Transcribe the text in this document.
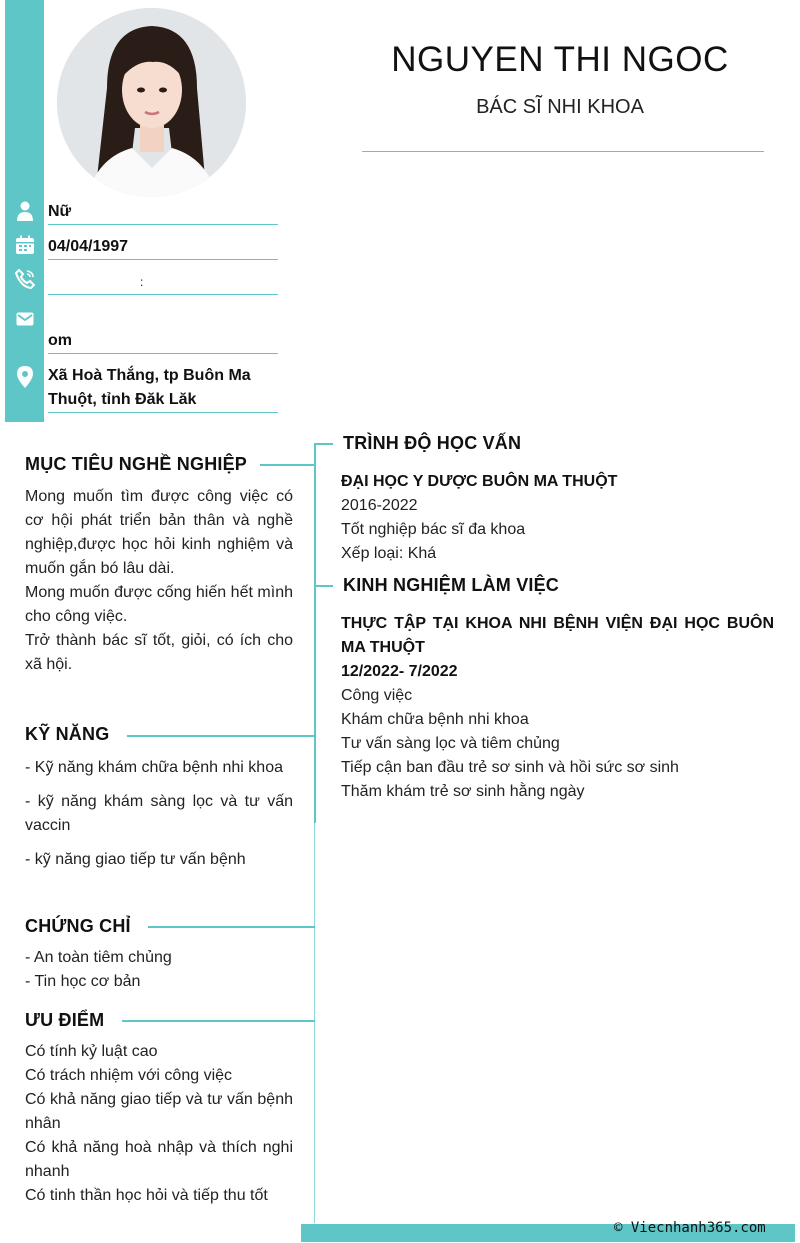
NGUYEN THI NGOC
BÁC SĨ NHI KHOA
Nữ
04/04/1997
:
om
Xã Hoà Thắng, tp Buôn Ma Thuột, tỉnh Đăk Lăk
MỤC TIÊU NGHỀ NGHIỆP

Mong muốn tìm được công việc có cơ hội phát triển bản thân và nghề nghiệp,được học hỏi kinh nghiệm và muốn gắn bó lâu dài.

Mong muốn được cống hiến hết mình cho công việc.

Trở thành bác sĩ tốt, giỏi, có ích cho xã hội.

KỸ NĂNG

- Kỹ năng khám chữa bệnh nhi khoa

- kỹ năng khám sàng lọc và tư vấn vaccin

- kỹ năng giao tiếp tư vấn bệnh

CHỨNG CHỈ

- An toàn tiêm chủng

- Tin học cơ bản

ƯU ĐIỂM

Có tính kỷ luật cao

Có trách nhiệm với công việc

Có khả năng giao tiếp và tư vấn bệnh nhân

Có khả năng hoà nhập và thích nghi nhanh

Có tinh thần học hỏi và tiếp thu tốt

TRÌNH ĐỘ HỌC VẤN
ĐẠI HỌC Y DƯỢC BUÔN MA THUỘT
2016-2022
Tốt nghiệp bác sĩ đa khoa
Xếp loại: Khá
KINH NGHIỆM LÀM VIỆC
THỰC TẬP TẠI KHOA NHI BỆNH VIỆN ĐẠI HỌC BUÔN MA THUỘT
12/2022- 7/2022
Công việc
Khám chữa bệnh nhi khoa
Tư vấn sàng lọc và tiêm chủng
Tiếp cận ban đầu trẻ sơ sinh và hồi sức sơ sinh
Thăm khám trẻ sơ sinh hằng ngày
© Viecnhanh365.com
